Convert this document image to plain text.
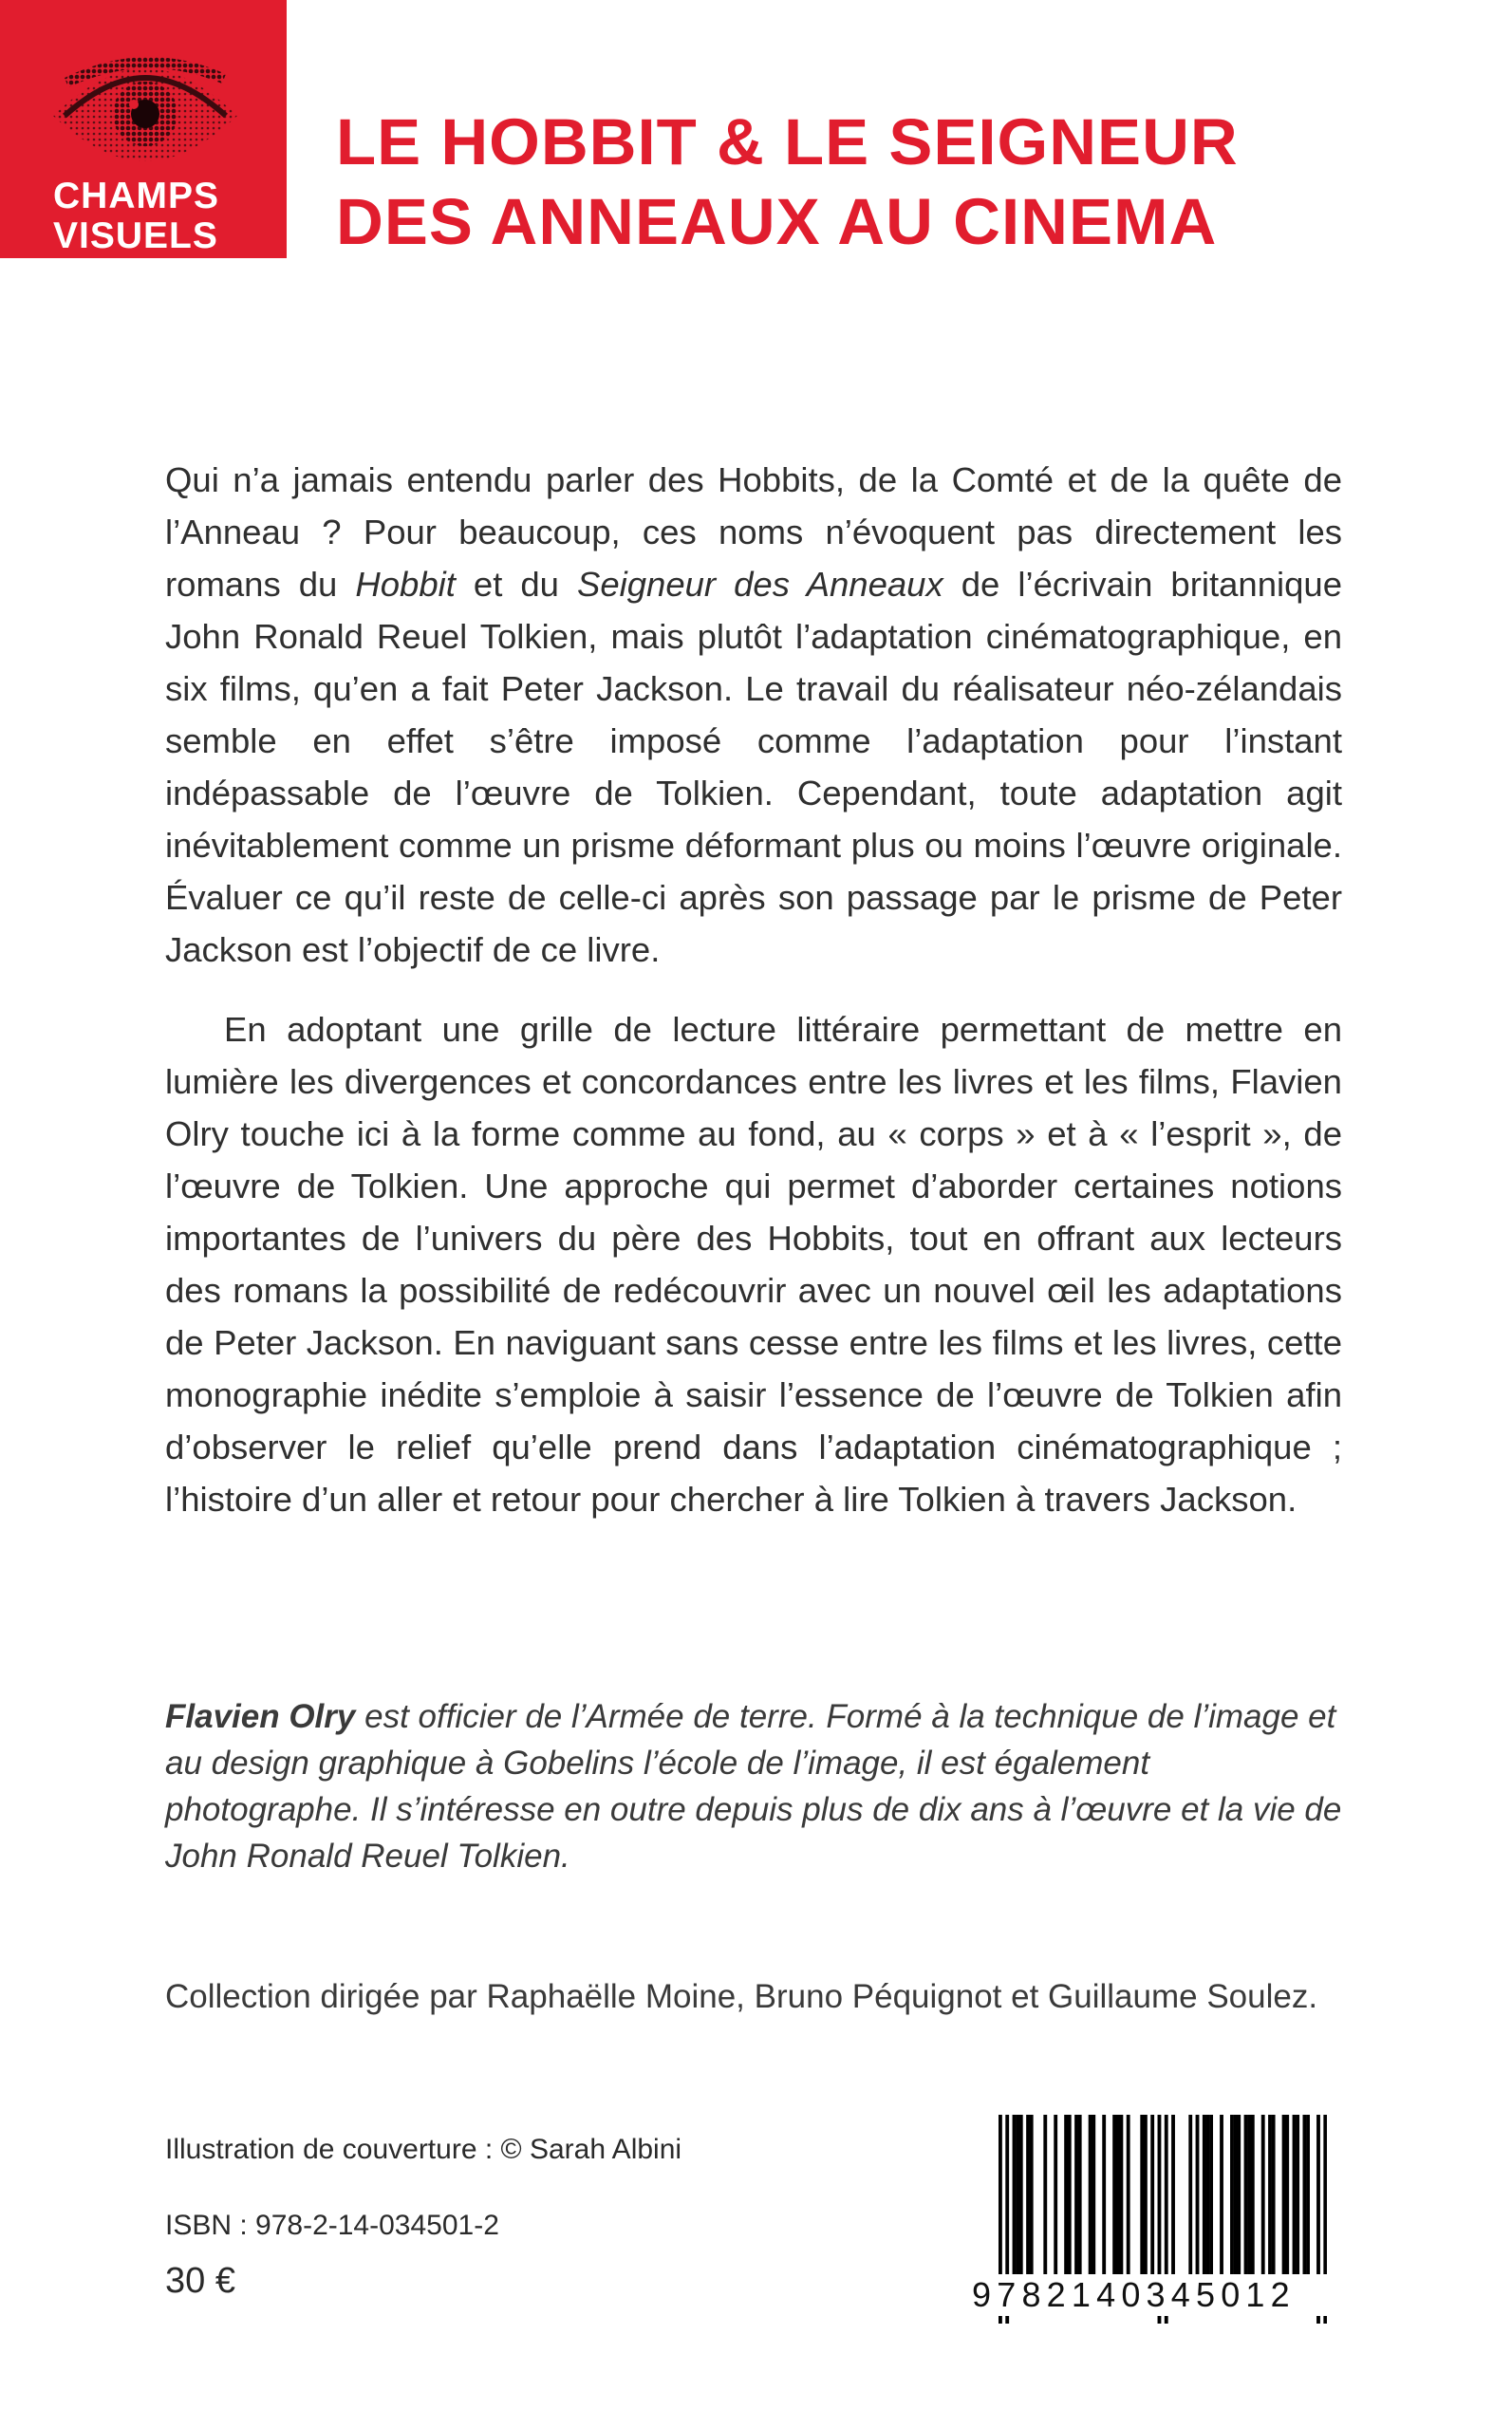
CHAMPS
VISUELS
LE HOBBIT & LE SEIGNEUR
DES ANNEAUX AU CINEMA
Qui n’a jamais entendu parler des Hobbits, de la Comté et de la quête de l’Anneau ? Pour beaucoup, ces noms n’évoquent pas directement les romans du Hobbit et du Seigneur des Anneaux de l’écrivain britannique John Ronald Reuel Tolkien, mais plutôt l’adaptation cinématographique, en six films, qu’en a fait Peter Jackson. Le travail du réalisateur néo-zélandais semble en effet s’être imposé comme l’adaptation pour l’instant indépassable de l’œuvre de Tolkien. Cependant, toute adaptation agit inévitablement comme un prisme déformant plus ou moins l’œuvre originale. Évaluer ce qu’il reste de celle-ci après son passage par le prisme de Peter Jackson est l’objectif de ce livre.
En adoptant une grille de lecture littéraire permettant de mettre en lumière les divergences et concordances entre les livres et les films, Flavien Olry touche ici à la forme comme au fond, au « corps » et à « l’esprit », de l’œuvre de Tolkien. Une approche qui permet d’aborder certaines notions importantes de l’univers du père des Hobbits, tout en offrant aux lecteurs des romans la possibilité de redécouvrir avec un nouvel œil les adaptations de Peter Jackson. En naviguant sans cesse entre les films et les livres, cette monographie inédite s’emploie à saisir l’essence de l’œuvre de Tolkien afin d’observer le relief qu’elle prend dans l’adaptation cinématographique ; l’histoire d’un aller et retour pour chercher à lire Tolkien à travers Jackson.
Flavien Olry est officier de l’Armée de terre. Formé à la technique de l’image et au design graphique à Gobelins l’école de l’image, il est également photographe. Il s’intéresse en outre depuis plus de dix ans à l’œuvre et la vie de John Ronald Reuel Tolkien.
Collection dirigée par Raphaëlle Moine, Bruno Péquignot et Guillaume Soulez.
Illustration de couverture : © Sarah Albini
ISBN : 978-2-14-034501-2
30 €	9782140345012
